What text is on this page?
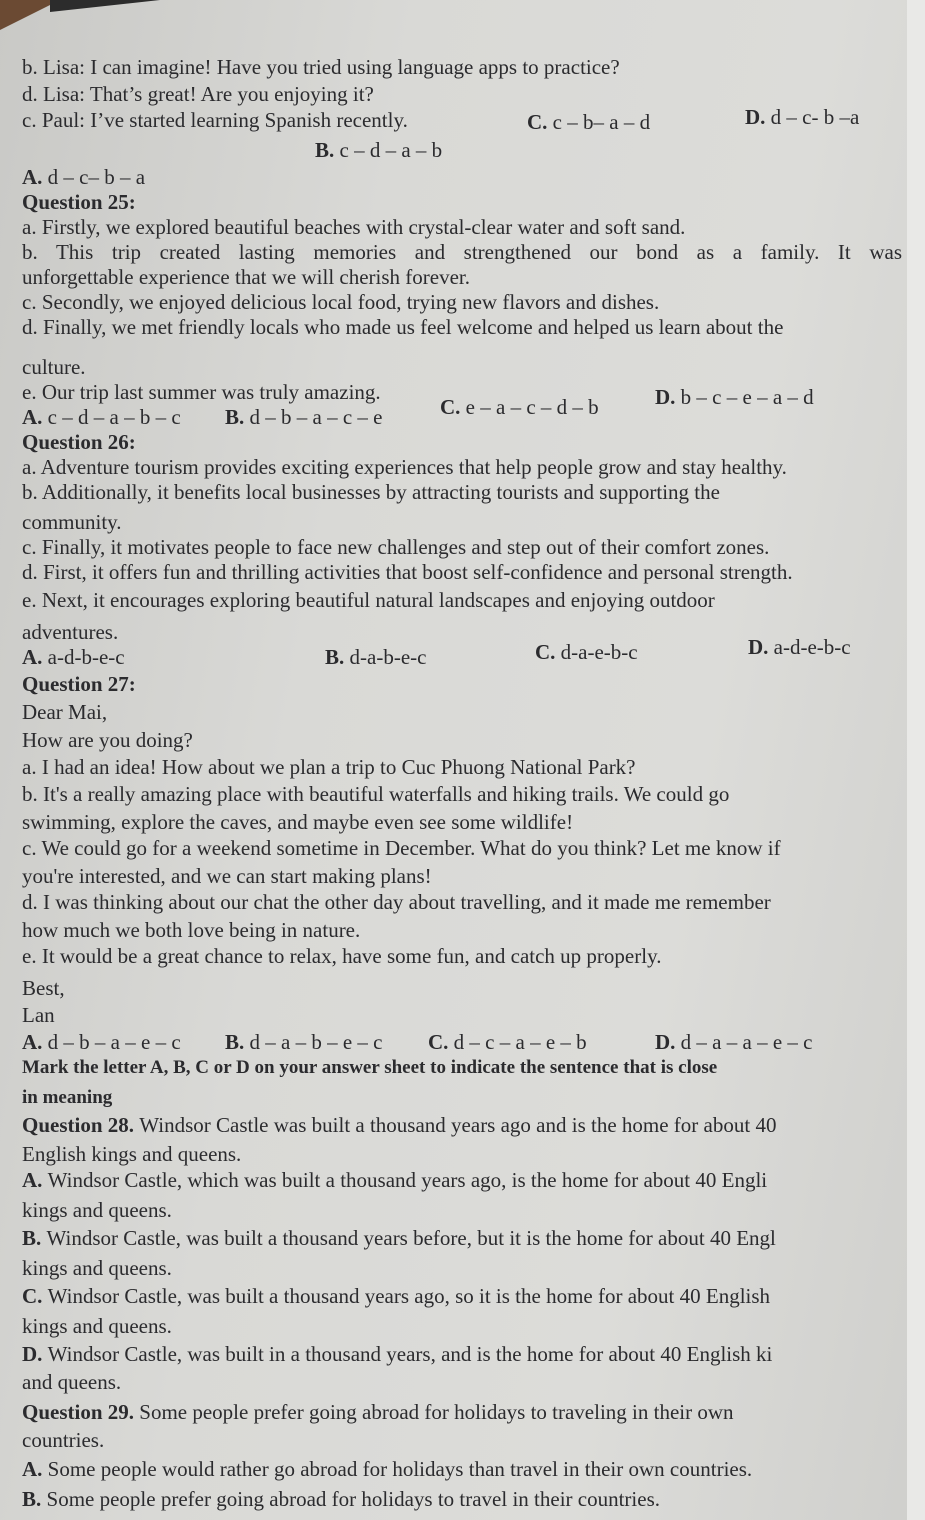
b. Lisa: I can imagine! Have you tried using language apps to practice?
d. Lisa: That’s great! Are you enjoying it?
c. Paul: I’ve started learning Spanish recently.	C. c – b– a – d	D. d – c- b –a
B. c – d – a – b
A. d – c– b – a
Question 25:
a. Firstly, we explored beautiful beaches with crystal-clear water and soft sand.
b. This trip created lasting memories and strengthened our bond as a family. It was
unforgettable experience that we will cherish forever.
c. Secondly, we enjoyed delicious local food, trying new flavors and dishes.
d. Finally, we met friendly locals who made us feel welcome and helped us learn about the
culture.
e. Our trip last summer was truly amazing.
A. c – d – a – b – c B. d – b – a – c – e	C. e – a – c – d – b	D. b – c – e – a – d
Question 26:
a. Adventure tourism provides exciting experiences that help people grow and stay healthy.
b. Additionally, it benefits local businesses by attracting tourists and supporting the
community.
c. Finally, it motivates people to face new challenges and step out of their comfort zones.
d. First, it offers fun and thrilling activities that boost self-confidence and personal strength.
e. Next, it encourages exploring beautiful natural landscapes and enjoying outdoor
adventures.
A. a-d-b-e-c	B. d-a-b-e-c	C. d-a-e-b-c	D. a-d-e-b-c
Question 27:
Dear Mai,
How are you doing?
a. I had an idea! How about we plan a trip to Cuc Phuong National Park?
b. It's a really amazing place with beautiful waterfalls and hiking trails. We could go
swimming, explore the caves, and maybe even see some wildlife!
c. We could go for a weekend sometime in December. What do you think? Let me know if
you're interested, and we can start making plans!
d. I was thinking about our chat the other day about travelling, and it made me remember
how much we both love being in nature.
e. It would be a great chance to relax, have some fun, and catch up properly.
Best,
Lan
A. d – b – a – e – c B. d – a – b – e – c C. d – c – a – e – b	D. d – a – a – e – c
Mark the letter A, B, C or D on your answer sheet to indicate the sentence that is close
in meaning
Question 28. Windsor Castle was built a thousand years ago and is the home for about 40
English kings and queens.
A. Windsor Castle, which was built a thousand years ago, is the home for about 40 Engli
kings and queens.
B. Windsor Castle, was built a thousand years before, but it is the home for about 40 Engl
kings and queens.
C. Windsor Castle, was built a thousand years ago, so it is the home for about 40 English
kings and queens.
D. Windsor Castle, was built in a thousand years, and is the home for about 40 English ki
and queens.
Question 29. Some people prefer going abroad for holidays to traveling in their own
countries.
A. Some people would rather go abroad for holidays than travel in their own countries.
B. Some people prefer going abroad for holidays to travel in their countries.
